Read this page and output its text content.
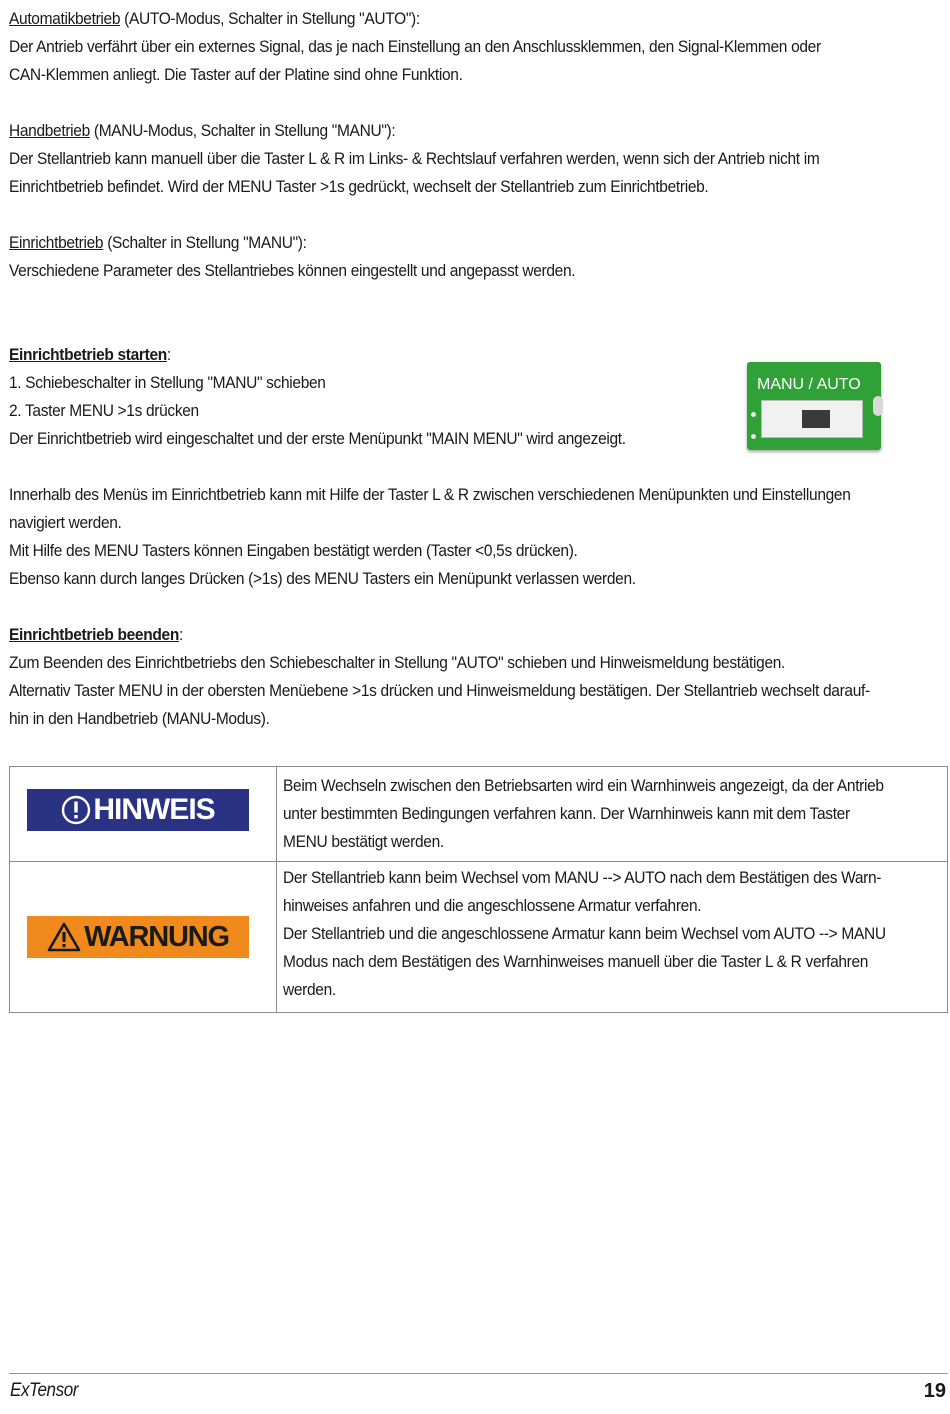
Automatikbetrieb (AUTO-Modus, Schalter in Stellung "AUTO"):
Der Antrieb verfährt über ein externes Signal, das je nach Einstellung an den Anschlussklemmen, den Signal-Klemmen oder
CAN-Klemmen anliegt. Die Taster auf der Platine sind ohne Funktion.
Handbetrieb (MANU-Modus, Schalter in Stellung "MANU"):
Der Stellantrieb kann manuell über die Taster L & R im Links- & Rechtslauf verfahren werden, wenn sich der Antrieb nicht im
Einrichtbetrieb befindet. Wird der MENU Taster >1s gedrückt, wechselt der Stellantrieb zum Einrichtbetrieb.
Einrichtbetrieb (Schalter in Stellung "MANU"):
Verschiedene Parameter des Stellantriebes können eingestellt und angepasst werden.
Einrichtbetrieb starten:
1. Schiebeschalter in Stellung "MANU" schieben
2. Taster MENU >1s drücken
Der Einrichtbetrieb wird eingeschaltet und der erste Menüpunkt "MAIN MENU" wird angezeigt.
Innerhalb des Menüs im Einrichtbetrieb kann mit Hilfe der Taster L & R zwischen verschiedenen Menüpunkten und Einstellungen
navigiert werden.
Mit Hilfe des MENU Tasters können Eingaben bestätigt werden (Taster <0,5s drücken).
Ebenso kann durch langes Drücken (>1s) des MENU Tasters ein Menüpunkt verlassen werden.
Einrichtbetrieb beenden:
Zum Beenden des Einrichtbetriebs den Schiebeschalter in Stellung "AUTO" schieben und Hinweismeldung bestätigen.
Alternativ Taster MENU in der obersten Menüebene >1s drücken und Hinweismeldung bestätigen. Der Stellantrieb wechselt darauf-
hin in den Handbetrieb (MANU-Modus).
MANU / AUTO
HINWEIS
Beim Wechseln zwischen den Betriebsarten wird ein Warnhinweis angezeigt, da der Antrieb
unter bestimmten Bedingungen verfahren kann. Der Warnhinweis kann mit dem Taster
MENU bestätigt werden.
WARNUNG
Der Stellantrieb kann beim Wechsel vom MANU --> AUTO nach dem Bestätigen des Warn-
hinweises anfahren und die angeschlossene Armatur verfahren.
Der Stellantrieb und die angeschlossene Armatur kann beim Wechsel vom AUTO --> MANU
Modus nach dem Bestätigen des Warnhinweises manuell über die Taster L & R verfahren
werden.
ExTensor	19
